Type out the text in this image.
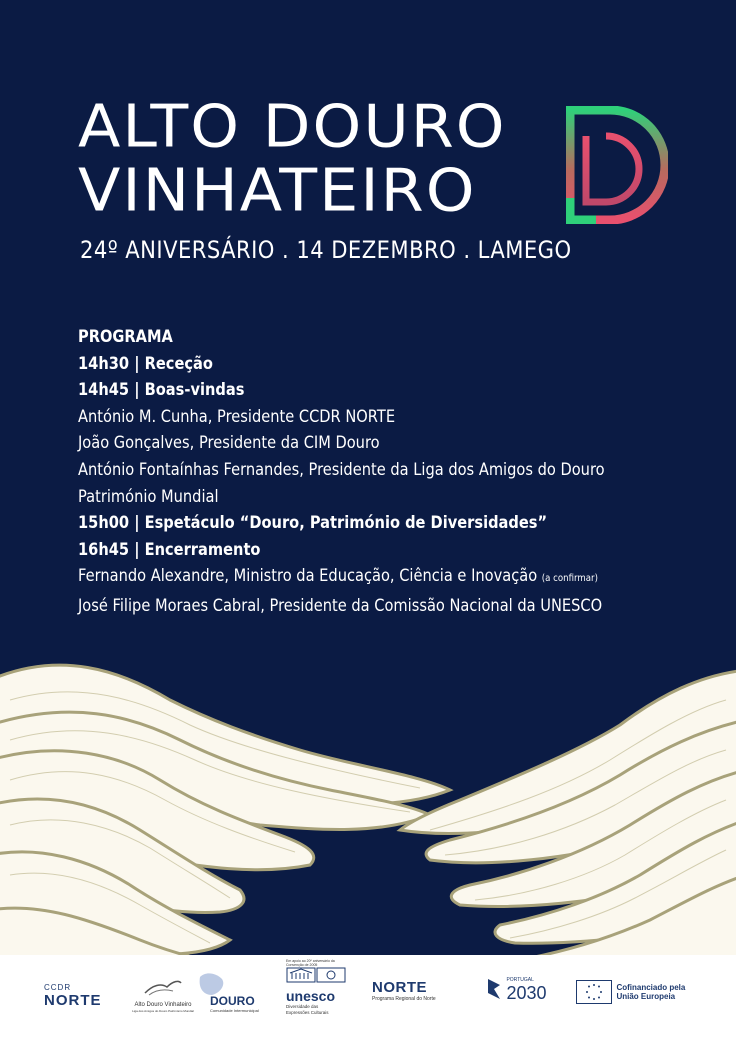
ALTO DOURO
VINHATEIRO
24º ANIVERSÁRIO . 14 DEZEMBRO . LAMEGO
PROGRAMA
14h30 | Receção
14h45 | Boas-vindas
António M. Cunha, Presidente CCDR NORTE
João Gonçalves, Presidente da CIM Douro
António Fontaínhas Fernandes, Presidente da Liga dos Amigos do Douro
Património Mundial
15h00 | Espetáculo “Douro, Património de Diversidades”
16h45 | Encerramento
Fernando Alexandre, Ministro da Educação, Ciência e Inovação (a confirmar)
José Filipe Moraes Cabral, Presidente da Comissão Nacional da UNESCO
CCDR
NORTE	Alto Douro Vinhateiro
Liga dos Amigos do Douro Património Mundial
DOURO
Comunidade Intermunicipal
Em apoio ao 20º aniversário da Convenção de 2005
unesco
Diversidade das Expressões Culturais
NORTE
Programa Regional do Norte

PORTUGAL
2030	Cofinanciado pela União Europeia
